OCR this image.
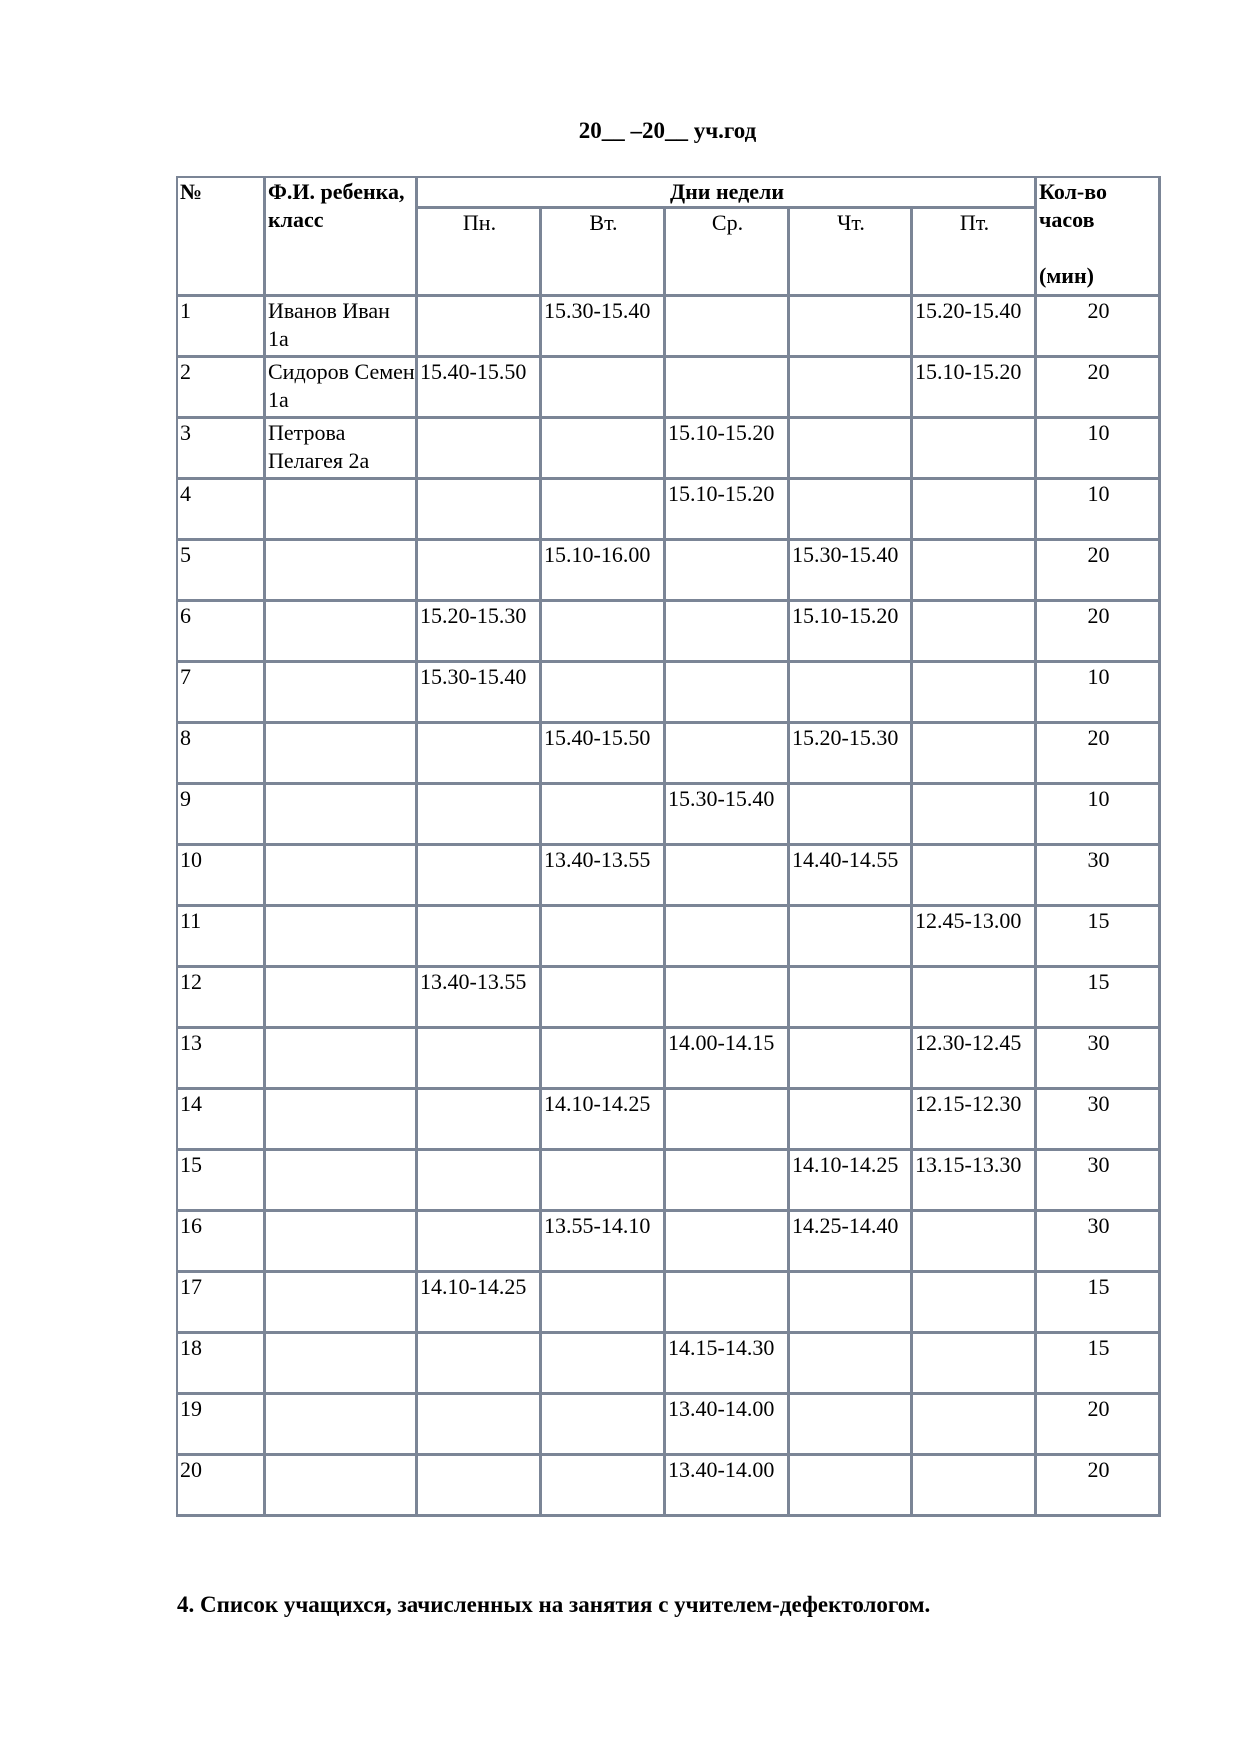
20__ –20__ уч.год
№	Ф.И. ребенка, класс	Дни недели					Кол-во часов
(мин)

		Пн.	Вт.	Ср.	Чт.	Пт.	
1	Иванов Иван 1а		15.30-15.40			15.20-15.40	20
2	Сидоров Семен 1а	15.40-15.50				15.10-15.20	20
3	Петрова Пелагея 2а			15.10-15.20			10
4				15.10-15.20			10
5			15.10-16.00		15.30-15.40		20
6		15.20-15.30			15.10-15.20		20
7		15.30-15.40					10
8			15.40-15.50		15.20-15.30		20
9				15.30-15.40			10
10			13.40-13.55		14.40-14.55		30
11						12.45-13.00	15
12		13.40-13.55					15
13				14.00-14.15		12.30-12.45	30
14			14.10-14.25			12.15-12.30	30
15					14.10-14.25	13.15-13.30	30
16			13.55-14.10		14.25-14.40		30
17		14.10-14.25					15
18				14.15-14.30			15
19				13.40-14.00			20
20				13.40-14.00			20
4. Список учащихся, зачисленных на занятия с учителем-дефектологом.
